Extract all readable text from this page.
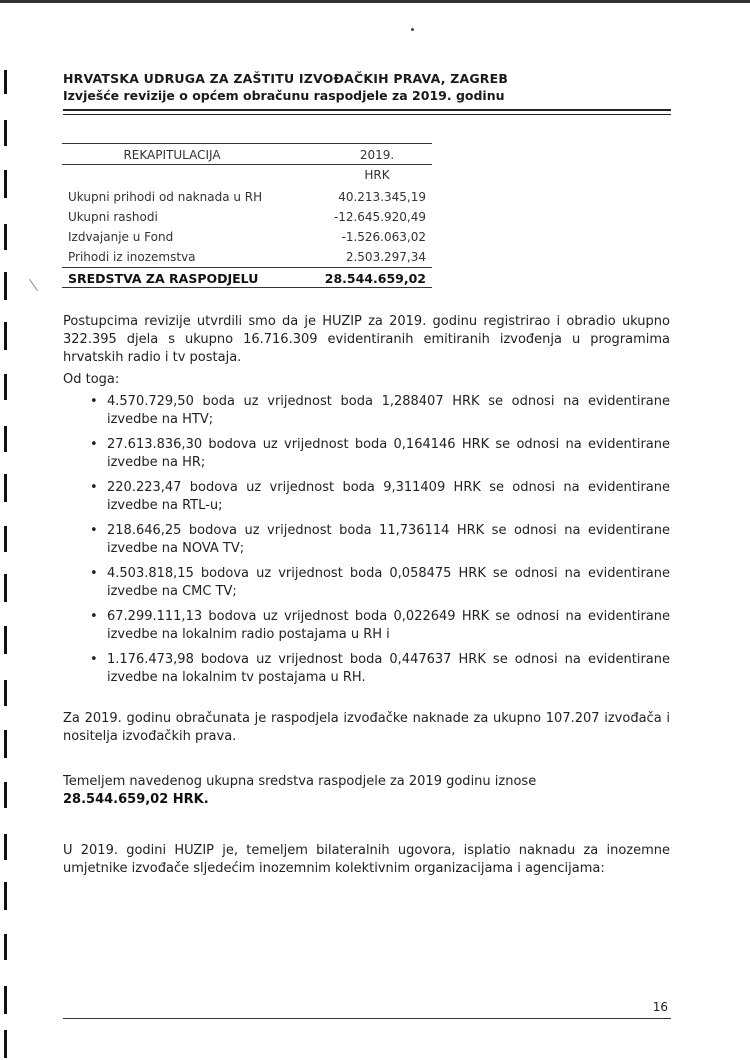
HRVATSKA UDRUGA ZA ZAŠTITU IZVOĐAČKIH PRAVA, ZAGREB
Izvješće revizije o općem obračunu raspodjele za 2019. godinu
REKAPITULACIJA	2019.
HRK
Ukupni prihodi od naknada u RH	40.213.345,19
Ukupni rashodi	-12.645.920,49
Izdvajanje u Fond	-1.526.063,02
Prihodi iz inozemstva	2.503.297,34
SREDSTVA ZA RASPODJELU	28.544.659,02
Postupcima revizije utvrdili smo da je HUZIP za 2019. godinu registrirao i obradio ukupno 322.395 djela s ukupno 16.716.309 evidentiranih emitiranih izvođenja u programima hrvatskih radio i tv postaja.
Od toga:
• 4.570.729,50 boda uz vrijednost boda 1,288407 HRK se odnosi na evidentirane izvedbe na HTV;
• 27.613.836,30 bodova uz vrijednost boda 0,164146 HRK se odnosi na evidentirane izvedbe na HR;
• 220.223,47 bodova uz vrijednost boda 9,311409 HRK se odnosi na evidentirane izvedbe na RTL-u;
• 218.646,25 bodova uz vrijednost boda 11,736114 HRK se odnosi na evidentirane izvedbe na NOVA TV;
• 4.503.818,15 bodova uz vrijednost boda 0,058475 HRK se odnosi na evidentirane izvedbe na CMC TV;
• 67.299.111,13 bodova uz vrijednost boda 0,022649 HRK se odnosi na evidentirane izvedbe na lokalnim radio postajama u RH i
• 1.176.473,98 bodova uz vrijednost boda 0,447637 HRK se odnosi na evidentirane izvedbe na lokalnim tv postajama u RH.
Za 2019. godinu obračunata je raspodjela izvođačke naknade za ukupno 107.207 izvođača i nositelja izvođačkih prava.
Temeljem navedenog ukupna sredstva raspodjele za 2019 godinu iznose
28.544.659,02 HRK.
U 2019. godini HUZIP je, temeljem bilateralnih ugovora, isplatio naknadu za inozemne umjetnike izvođače sljedećim inozemnim kolektivnim organizacijama i agencijama:
16
